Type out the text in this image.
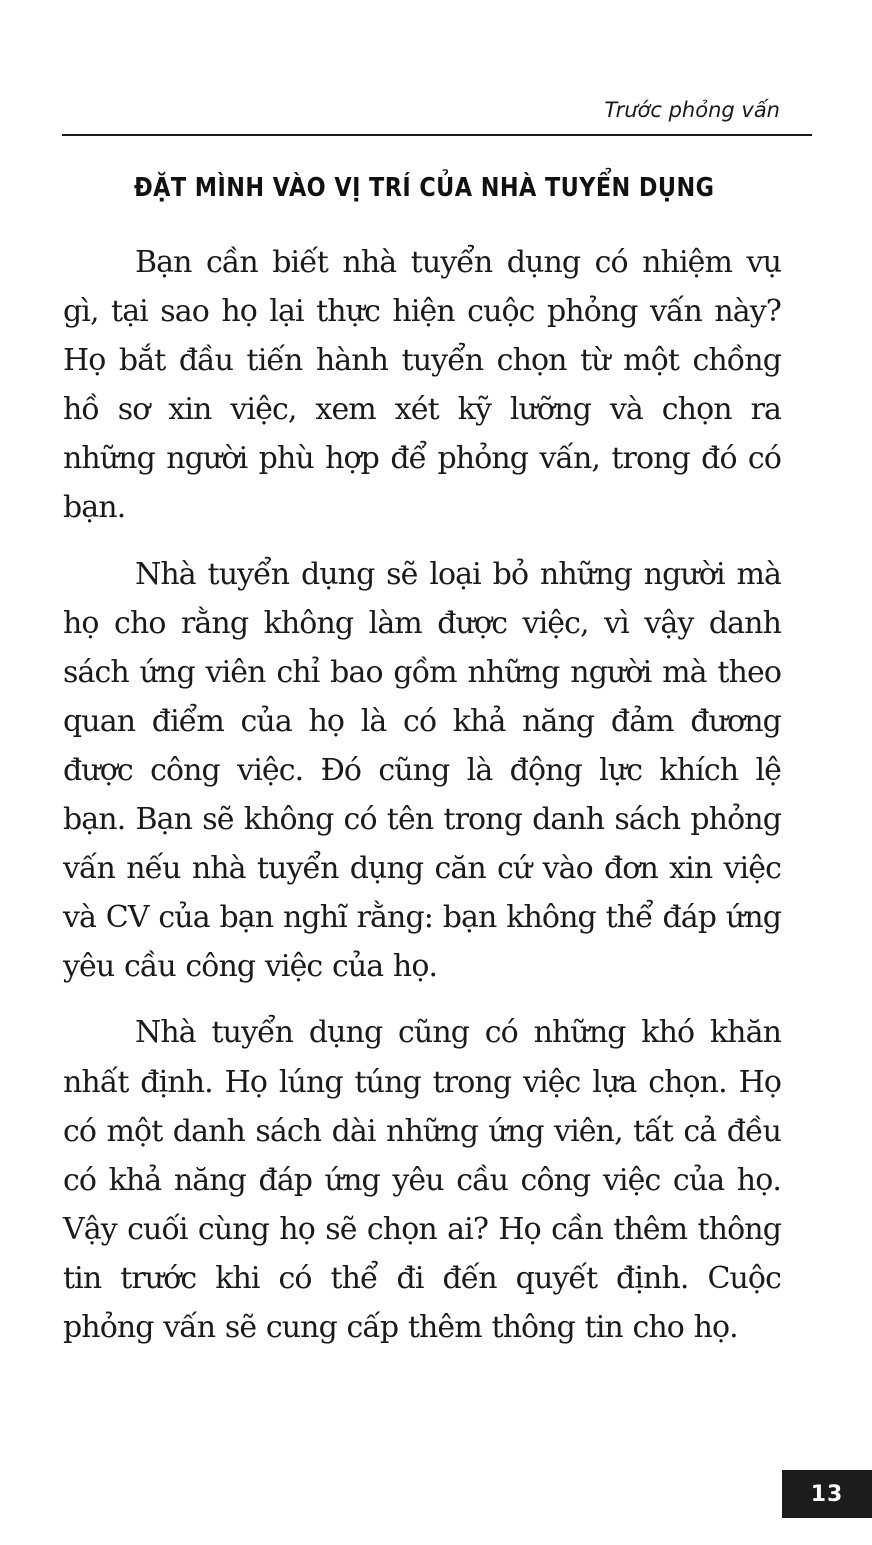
Trước phỏng vấn
ĐẶT MÌNH VÀO VỊ TRÍ CỦA NHÀ TUYỂN DỤNG

Bạn cần biết nhà tuyển dụng có nhiệm vụ gì, tại sao họ lại thực hiện cuộc phỏng vấn này? Họ bắt đầu tiến hành tuyển chọn từ một chồng hồ sơ xin việc, xem xét kỹ lưỡng và chọn ra những người phù hợp để phỏng vấn, trong đó có bạn.

Nhà tuyển dụng sẽ loại bỏ những người mà họ cho rằng không làm được việc, vì vậy danh sách ứng viên chỉ bao gồm những người mà theo quan điểm của họ là có khả năng đảm đương được công việc. Đó cũng là động lực khích lệ bạn. Bạn sẽ không có tên trong danh sách phỏng vấn nếu nhà tuyển dụng căn cứ vào đơn xin việc và CV của bạn nghĩ rằng: bạn không thể đáp ứng yêu cầu công việc của họ.

Nhà tuyển dụng cũng có những khó khăn nhất định. Họ lúng túng trong việc lựa chọn. Họ có một danh sách dài những ứng viên, tất cả đều có khả năng đáp ứng yêu cầu công việc của họ. Vậy cuối cùng họ sẽ chọn ai? Họ cần thêm thông tin trước khi có thể đi đến quyết định. Cuộc phỏng vấn sẽ cung cấp thêm thông tin cho họ.

13
